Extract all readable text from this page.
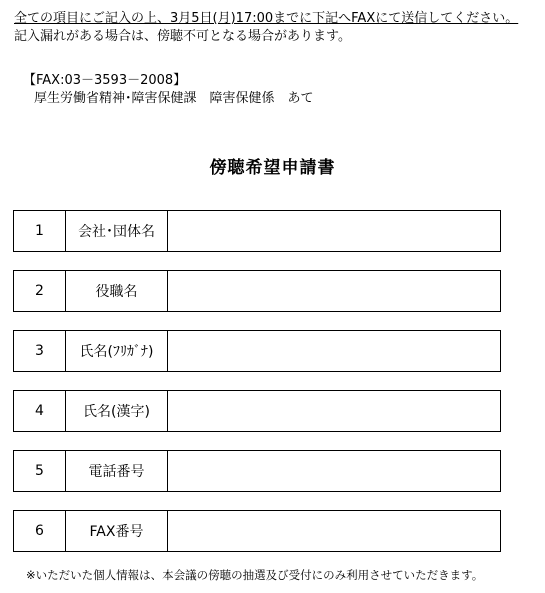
全ての項目にご記入の上、3月5日(月)17:00までに下記へFAXにて送信してください。
記入漏れがある場合は、傍聴不可となる場合があります。
【FAX:03－3593－2008】
厚生労働省精神･障害保健課　障害保健係　あて
傍聴希望申請書
1	会社･団体名
2	役職名
3	氏名(ﾌﾘｶﾞﾅ)
4	氏名(漢字)
5	電話番号
6	FAX番号
※いただいた個人情報は、本会議の傍聴の抽選及び受付にのみ利用させていただきます。
